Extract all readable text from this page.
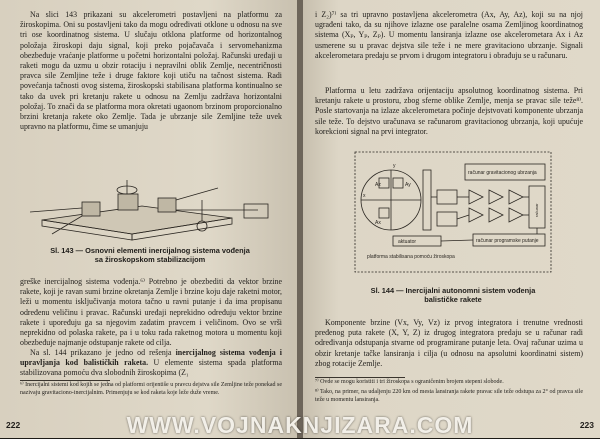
Na slici 143 prikazani su akcelerometri postavljeni na platformu za žiroskopima. Oni su postavljeni tako da mogu određivati otklone u odnosu na sve tri ose koordinatnog sistema. U slučaju otklona platforme od horizontalnog položaja žiroskopi daju signal, koji preko pojačavača i servomehanizma obezbeđuje vraćanje platforme u početni horizontalni položaj. Računski uređaji u raketi mogu da uzmu u obzir rotaciju i nepravilni oblik Zemlje, necentričnosti pravca sile Zemljine teže i druge faktore koji utiču na tačnost sistema. Radi povećanja tačnosti ovog sistema, žiroskopski stabilisana platforma kontinualno se tako da uvek pri kretanju rakete u odnosu na Zemlju zadržava horizontalni položaj. To znači da se platforma mora okretati ugaonom brzinom proporcionalno brzini kretanja rakete oko Zemlje. Tada je ubrzanje sile Zemljine teže uvek upravno na platformu, čime se umanjuju

Sl. 143 — Osnovni elementi inercijalnog sistema vođenja
sa žiroskopskom stabilizacijom

greške inercijalnog sistema vođenja.⁶⁾ Potrebno je obezbediti da vektor brzine rakete, koji je ravan sumi brzine okretanja Zemlje i brzine koju daje raketni motor, leži u momentu isključivanja motora tačno u ravni putanje i da ima propisanu određenu veličinu i pravac. Računski uređaji neprekidno određuju vektor brzine rakete i upoređuju ga sa njegovim zadatim pravcem i veličinom. Ovo se vrši neprekidno od polaska rakete, pa i u toku rada raketnog motora u momentu koji obezbeđuje najmanje odstupanje rakete od cilja.

Na sl. 144 prikazano je jedno od rešenja inercijalnog sistema vođenja i upravljanja kod balističkih raketa. U elemente sistema spada platforma stabilizovana pomoću dva slobodnih žiroskopima (Z₁

⁶⁾ Inercijalni sistemi kod kojih se jedna od platformi orijentiše u pravcu dejstva sile Zemljine teže ponekad se nazivaju gravitaciono-inercijalnim. Primenjuju se kod raketa koje leže duže vreme.

222

i Z₂)⁷⁾ sa tri upravno postavljena akcelerometra (Ax, Ay, Az), koji su na njoj ugrađeni tako, da su njihove izlazne ose paralelne osama Zemljinog koordinatnog sistema (Xₚ, Yₚ, Zₚ). U momentu lansiranja izlazne ose akcelerometara Ax i Az usmerene su u pravac dejstva sile teže i ne mere gravitaciono ubrzanje. Signali akcelerometara predaju se prvom i drugom integratoru i obrađuju se u računaru.

Platforma u letu zadržava orijentaciju apsolutnog koordinatnog sistema. Pri kretanju rakete u prostoru, zbog sferne oblike Zemlje, menja se pravac sile teže⁸⁾. Posle startovanja na izlaze akcelerometara počinje dejstvovati komponente ubrzanja sile teže. To dejstvo uračunava se računarom gravitacionog ubrzanja, koji upućuje korekcioni signal na prvi integrator.

Az	Ay
Ax
x
y
računar gravitacionog ubrzanja
računar
računar programske putanje
aktuator
platforma stabilisana pomoću žiroskopa

Sl. 144 — Inercijalni autonomni sistem vođenja
balističke rakete

Komponente brzine (Vx, Vy, Vz) iz prvog integratora i trenutne vrednosti pređenog puta rakete (X, Y, Z) iz drugog integratora predaju se u računar radi određivanja odstupanja stvarne od programirane putanje leta. Ovaj računar uzima u obzir kretanje tačke lansiranja i cilja (u odnosu na apsolutni koordinatni sistem) zbog rotacije Zemlje.

⁷⁾ Ovde se mogu koristiti i tri žiroskopa s ograničenim brojem stepeni slobode.

⁸⁾ Tako, na primer, na udaljenju 220 km od mesta lansiranja rakete pravac sile teže odstupa za 2° od pravca sile teže u momentu lansiranja.

223
WWW.VOJNAKNJIZARA.COM
